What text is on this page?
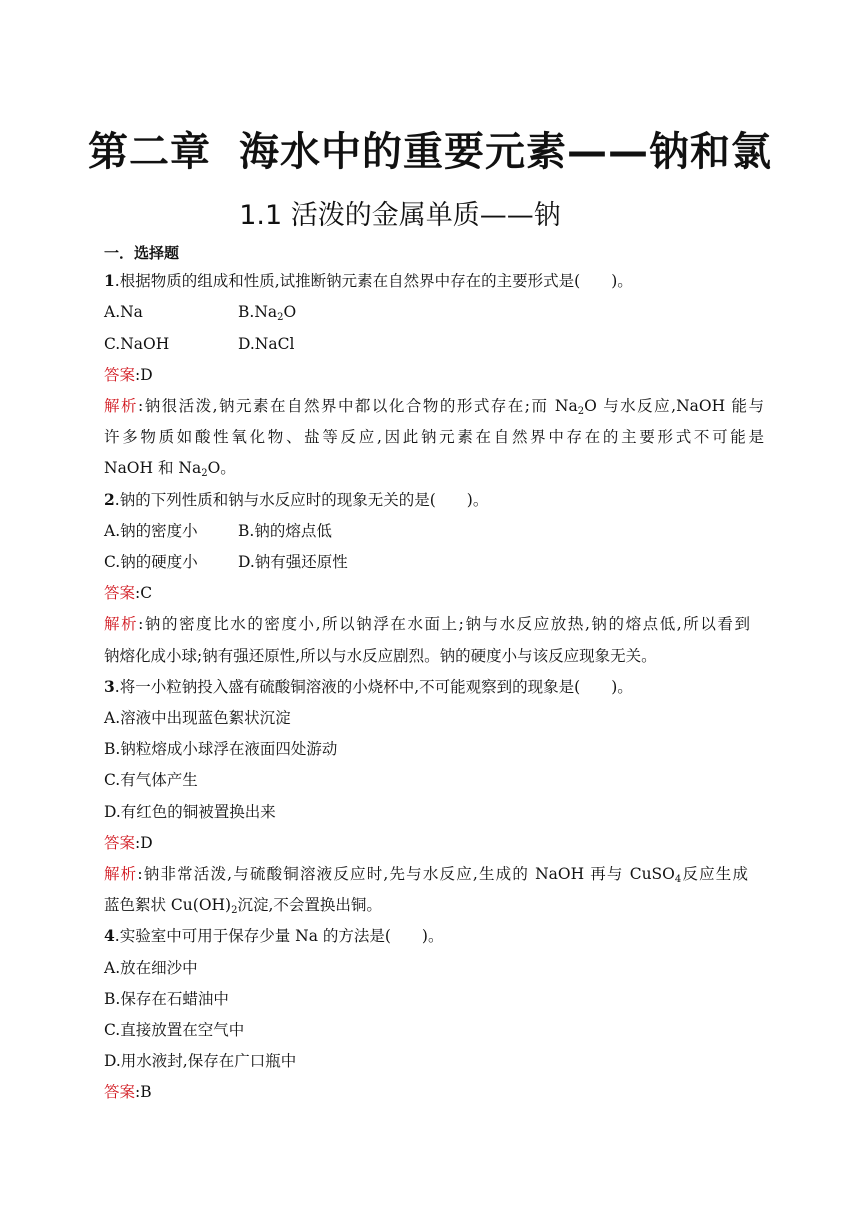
第二章 海水中的重要元素——钠和氯
1.1 活泼的金属单质——钠
一．选择题
1.根据物质的组成和性质,试推断钠元素在自然界中存在的主要形式是(　　)。
A.Na	$B.Na_2O$
C.NaOH	D.NaCl
答案:D
解析:钠很活泼,钠元素在自然界中都以化合物的形式存在;而 $Na_2O$ 与水反应,NaOH 能与
许多物质如酸性氧化物、盐等反应,因此钠元素在自然界中存在的主要形式不可能是
NaOH 和 $Na_2O$。
2.钠的下列性质和钠与水反应时的现象无关的是(　　)。
A.钠的密度小	B.钠的熔点低
C.钠的硬度小	D.钠有强还原性
答案:C
解析:钠的密度比水的密度小,所以钠浮在水面上;钠与水反应放热,钠的熔点低,所以看到
钠熔化成小球;钠有强还原性,所以与水反应剧烈。钠的硬度小与该反应现象无关。
3.将一小粒钠投入盛有硫酸铜溶液的小烧杯中,不可能观察到的现象是(　　)。
A.溶液中出现蓝色絮状沉淀
B.钠粒熔成小球浮在液面四处游动
C.有气体产生
D.有红色的铜被置换出来
答案:D
解析:钠非常活泼,与硫酸铜溶液反应时,先与水反应,生成的 NaOH 再与 CuSO$_4$反应生成
蓝色絮状 $Cu(OH)_2$沉淀,不会置换出铜。
4.实验室中可用于保存少量 Na 的方法是(　　)。
A.放在细沙中
B.保存在石蜡油中
C.直接放置在空气中
D.用水液封,保存在广口瓶中
答案:B
